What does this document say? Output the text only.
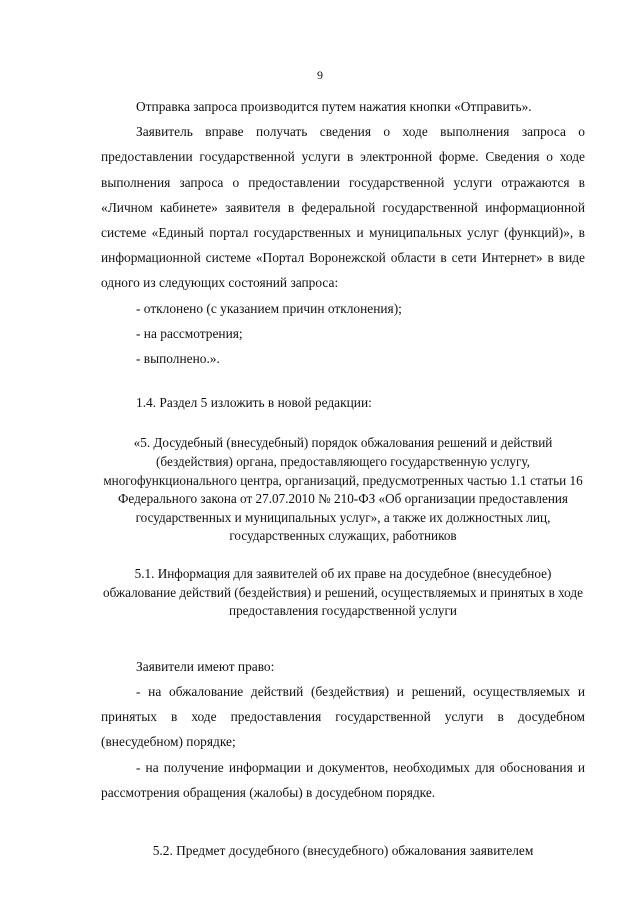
9

Отправка запроса производится путем нажатия кнопки «Отправить».

Заявитель вправе получать сведения о ходе выполнения запроса о предоставлении государственной услуги в электронной форме. Сведения о ходе выполнения запроса о предоставлении государственной услуги отражаются в «Личном кабинете» заявителя в федеральной государственной информационной системе «Единый портал государственных и муниципальных услуг (функций)», в информационной системе «Портал Воронежской области в сети Интернет» в виде одного из следующих состояний запроса:

- отклонено (с указанием причин отклонения);

- на рассмотрения;

- выполнено.».

1.4. Раздел 5 изложить в новой редакции:

«5. Досудебный (внесудебный) порядок обжалования решений и действий (бездействия) органа, предоставляющего государственную услугу, многофункционального центра, организаций, предусмотренных частью 1.1 статьи 16 Федерального закона от 27.07.2010 № 210-ФЗ «Об организации предоставления государственных и муниципальных услуг», а также их должностных лиц, государственных служащих, работников

5.1. Информация для заявителей об их праве на досудебное (внесудебное) обжалование действий (бездействия) и решений, осуществляемых и принятых в ходе предоставления государственной услуги

Заявители имеют право:

- на обжалование действий (бездействия) и решений, осуществляемых и принятых в ходе предоставления государственной услуги в досудебном (внесудебном) порядке;

- на получение информации и документов, необходимых для обоснования и рассмотрения обращения (жалобы) в досудебном порядке.

5.2. Предмет досудебного (внесудебного) обжалования заявителем
